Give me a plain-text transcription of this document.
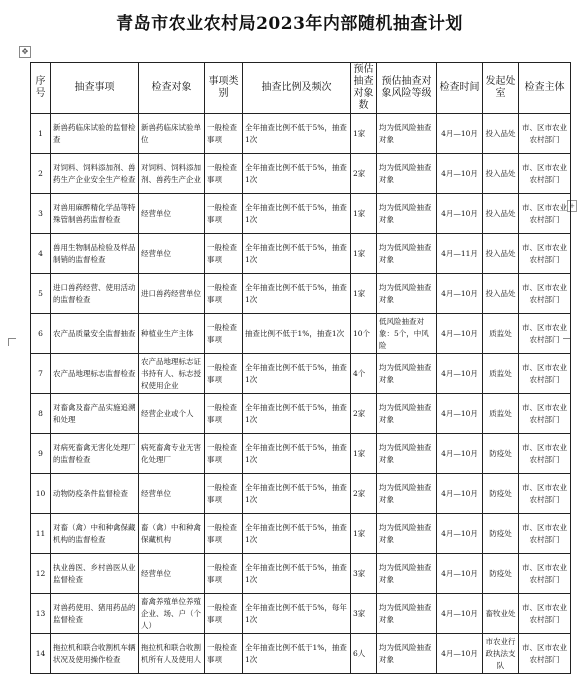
青岛市农业农村局2023年内部随机抽查计划
✥
+
序号	抽查事项	检查对象	事项类别	抽查比例及频次	预估抽查对象数	预估抽查对象风险等级	检查时间	发起处室	检查主体
1	新兽药临床试验的监督检查	新兽药临床试验单位	一般检查事项	全年抽查比例不低于5%，抽查1次	1家	均为低风险抽查对象	4月—10月	投入品处	市、区市农业农村部门
2	对饲料、饲料添加剂、兽药生产企业安全生产检查	对饲料、饲料添加剂、兽药生产企业	一般检查事项	全年抽查比例不低于5%，抽查1次	2家	均为低风险抽查对象	4月—10月	投入品处	市、区市农业农村部门
3	对兽用麻醉精化学品等特殊管制兽药监督检查	经营单位	一般检查事项	全年抽查比例不低于5%，抽查1次	1家	均为低风险抽查对象	4月—10月	投入品处	市、区市农业农村部门
4	兽用生物制品检验及样品制销的监督检查	经营单位	一般检查事项	全年抽查比例不低于5%，抽查1次	1家	均为低风险抽查对象	4月—11月	投入品处	市、区市农业农村部门
5	进口兽药经营、使用活动的监督检查	进口兽药经营单位	一般检查事项	全年抽查比例不低于5%，抽查1次	1家	均为低风险抽查对象	4月—10月	投入品处	市、区市农业农村部门
6	农产品质量安全监督抽查	种植业生产主体	一般检查事项	抽查比例不低于1%，抽查1次	10个	低风险抽查对象：5个，中风险	4月—10月	质监处	市、区市农业农村部门
7	农产品地理标志监督检查	农产品地理标志证书持有人、标志授权使用企业	一般检查事项	全年抽查比例不低于5%，抽查1次	4个	均为低风险抽查对象	4月—10月	质监处	市、区市农业农村部门
8	对畜禽及畜产品实施追溯和处理	经营企业或个人	一般检查事项	全年抽查比例不低于5%，抽查1次	2家	均为低风险抽查对象	4月—10月	质监处	市、区市农业农村部门
9	对病死畜禽无害化处理厂的监督检查	病死畜禽专业无害化处理厂	一般检查事项	全年抽查比例不低于5%，抽查1次	1家	均为低风险抽查对象	4月—10月	防疫处	市、区市农业农村部门
10	动物防疫条件监督检查	经营单位	一般检查事项	全年抽查比例不低于5%，抽查1次	2家	均为低风险抽查对象	4月—10月	防疫处	市、区市农业农村部门
11	对畜（禽）中和种禽保藏机构的监督检查	畜（禽）中和种禽保藏机构	一般检查事项	全年抽查比例不低于5%，抽查1次	1家	均为低风险抽查对象	4月—10月	防疫处	市、区市农业农村部门
12	执业兽医、乡村兽医从业监督检查	经营单位	一般检查事项	全年抽查比例不低于5%，抽查1次	3家	均为低风险抽查对象	4月—10月	防疫处	市、区市农业农村部门
13	对兽药使用、猪用药品的监督检查	畜禽养殖单位养殖企业、场、户（个人）	一般检查事项	全年抽查比例不低于5%，每年1次	3家	均为低风险抽查对象	4月—10月	畜牧业处	市、区市农业农村部门
14	拖拉机和联合收割机车辆状况及使用操作检查	拖拉机和联合收割机所有人及使用人	一般检查事项	全年抽查比例不低于1%，抽查1次	6人	均为低风险抽查对象	4月—10月	市农业行政执法支队	市、区市农业农村部门
